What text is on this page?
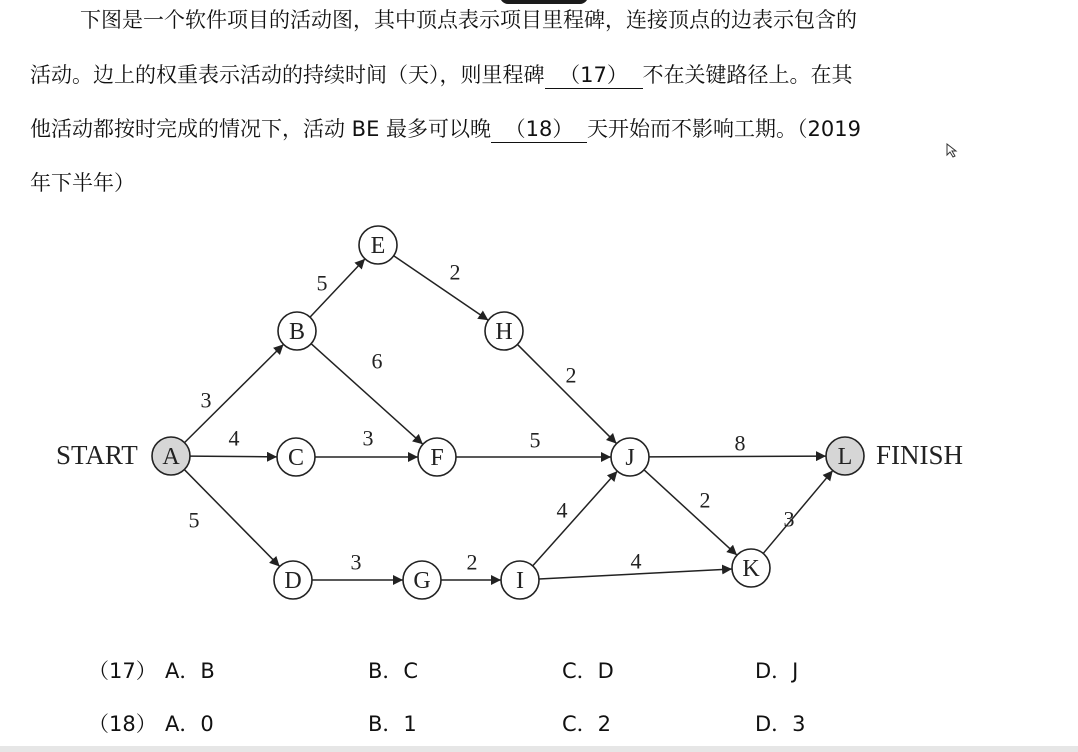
下图是一个软件项目的活动图，其中顶点表示项目里程碑，连接顶点的边表示包含的
活动。边上的权重表示活动的持续时间（天），则里程碑 （17） 不在关键路径上。在其
他活动都按时完成的情况下，活动 BE 最多可以晚 （18） 天开始而不影响工期。（2019
年下半年）
3
4
5
5
6
3
3
2
5
2
2
4
4
8
2
3
A
B
C
D
E
F
G
H
I
J
K
L
START	FINISH
（17） A．B	B．C	C．D	D．J
（18） A．0	B．1	C．2	D．3
